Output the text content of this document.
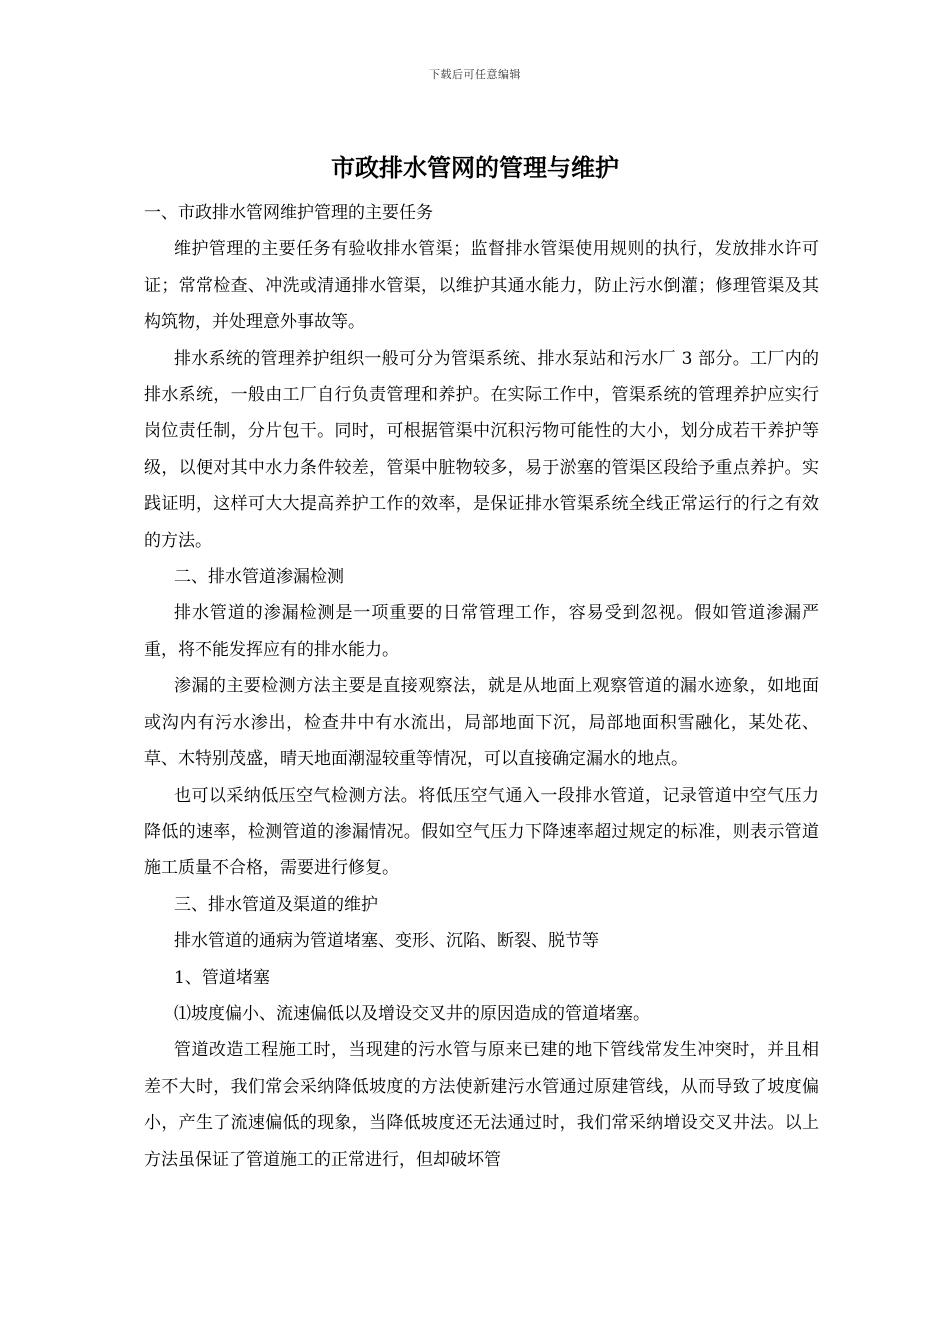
下载后可任意编辑
市政排水管网的管理与维护

一、市政排水管网维护管理的主要任务

维护管理的主要任务有验收排水管渠；监督排水管渠使用规则的执行，发放排水许可证；常常检查、冲洗或清通排水管渠，以维护其通水能力，防止污水倒灌；修理管渠及其构筑物，并处理意外事故等。

排水系统的管理养护组织一般可分为管渠系统、排水泵站和污水厂 3 部分。工厂内的排水系统，一般由工厂自行负责管理和养护。在实际工作中，管渠系统的管理养护应实行岗位责任制，分片包干。同时，可根据管渠中沉积污物可能性的大小，划分成若干养护等级，以便对其中水力条件较差，管渠中脏物较多，易于淤塞的管渠区段给予重点养护。实践证明，这样可大大提高养护工作的效率，是保证排水管渠系统全线正常运行的行之有效的方法。

二、排水管道渗漏检测

排水管道的渗漏检测是一项重要的日常管理工作，容易受到忽视。假如管道渗漏严重，将不能发挥应有的排水能力。

渗漏的主要检测方法主要是直接观察法，就是从地面上观察管道的漏水迹象，如地面或沟内有污水渗出，检查井中有水流出，局部地面下沉，局部地面积雪融化，某处花、草、木特别茂盛，晴天地面潮湿较重等情况，可以直接确定漏水的地点。

也可以采纳低压空气检测方法。将低压空气通入一段排水管道，记录管道中空气压力降低的速率，检测管道的渗漏情况。假如空气压力下降速率超过规定的标准，则表示管道施工质量不合格，需要进行修复。

三、排水管道及渠道的维护

排水管道的通病为管道堵塞、变形、沉陷、断裂、脱节等

1、管道堵塞

⑴坡度偏小、流速偏低以及增设交叉井的原因造成的管道堵塞。

管道改造工程施工时，当现建的污水管与原来已建的地下管线常发生冲突时，并且相差不大时，我们常会采纳降低坡度的方法使新建污水管通过原建管线，从而导致了坡度偏小，产生了流速偏低的现象，当降低坡度还无法通过时，我们常采纳增设交叉井法。以上方法虽保证了管道施工的正常进行，但却破坏管
